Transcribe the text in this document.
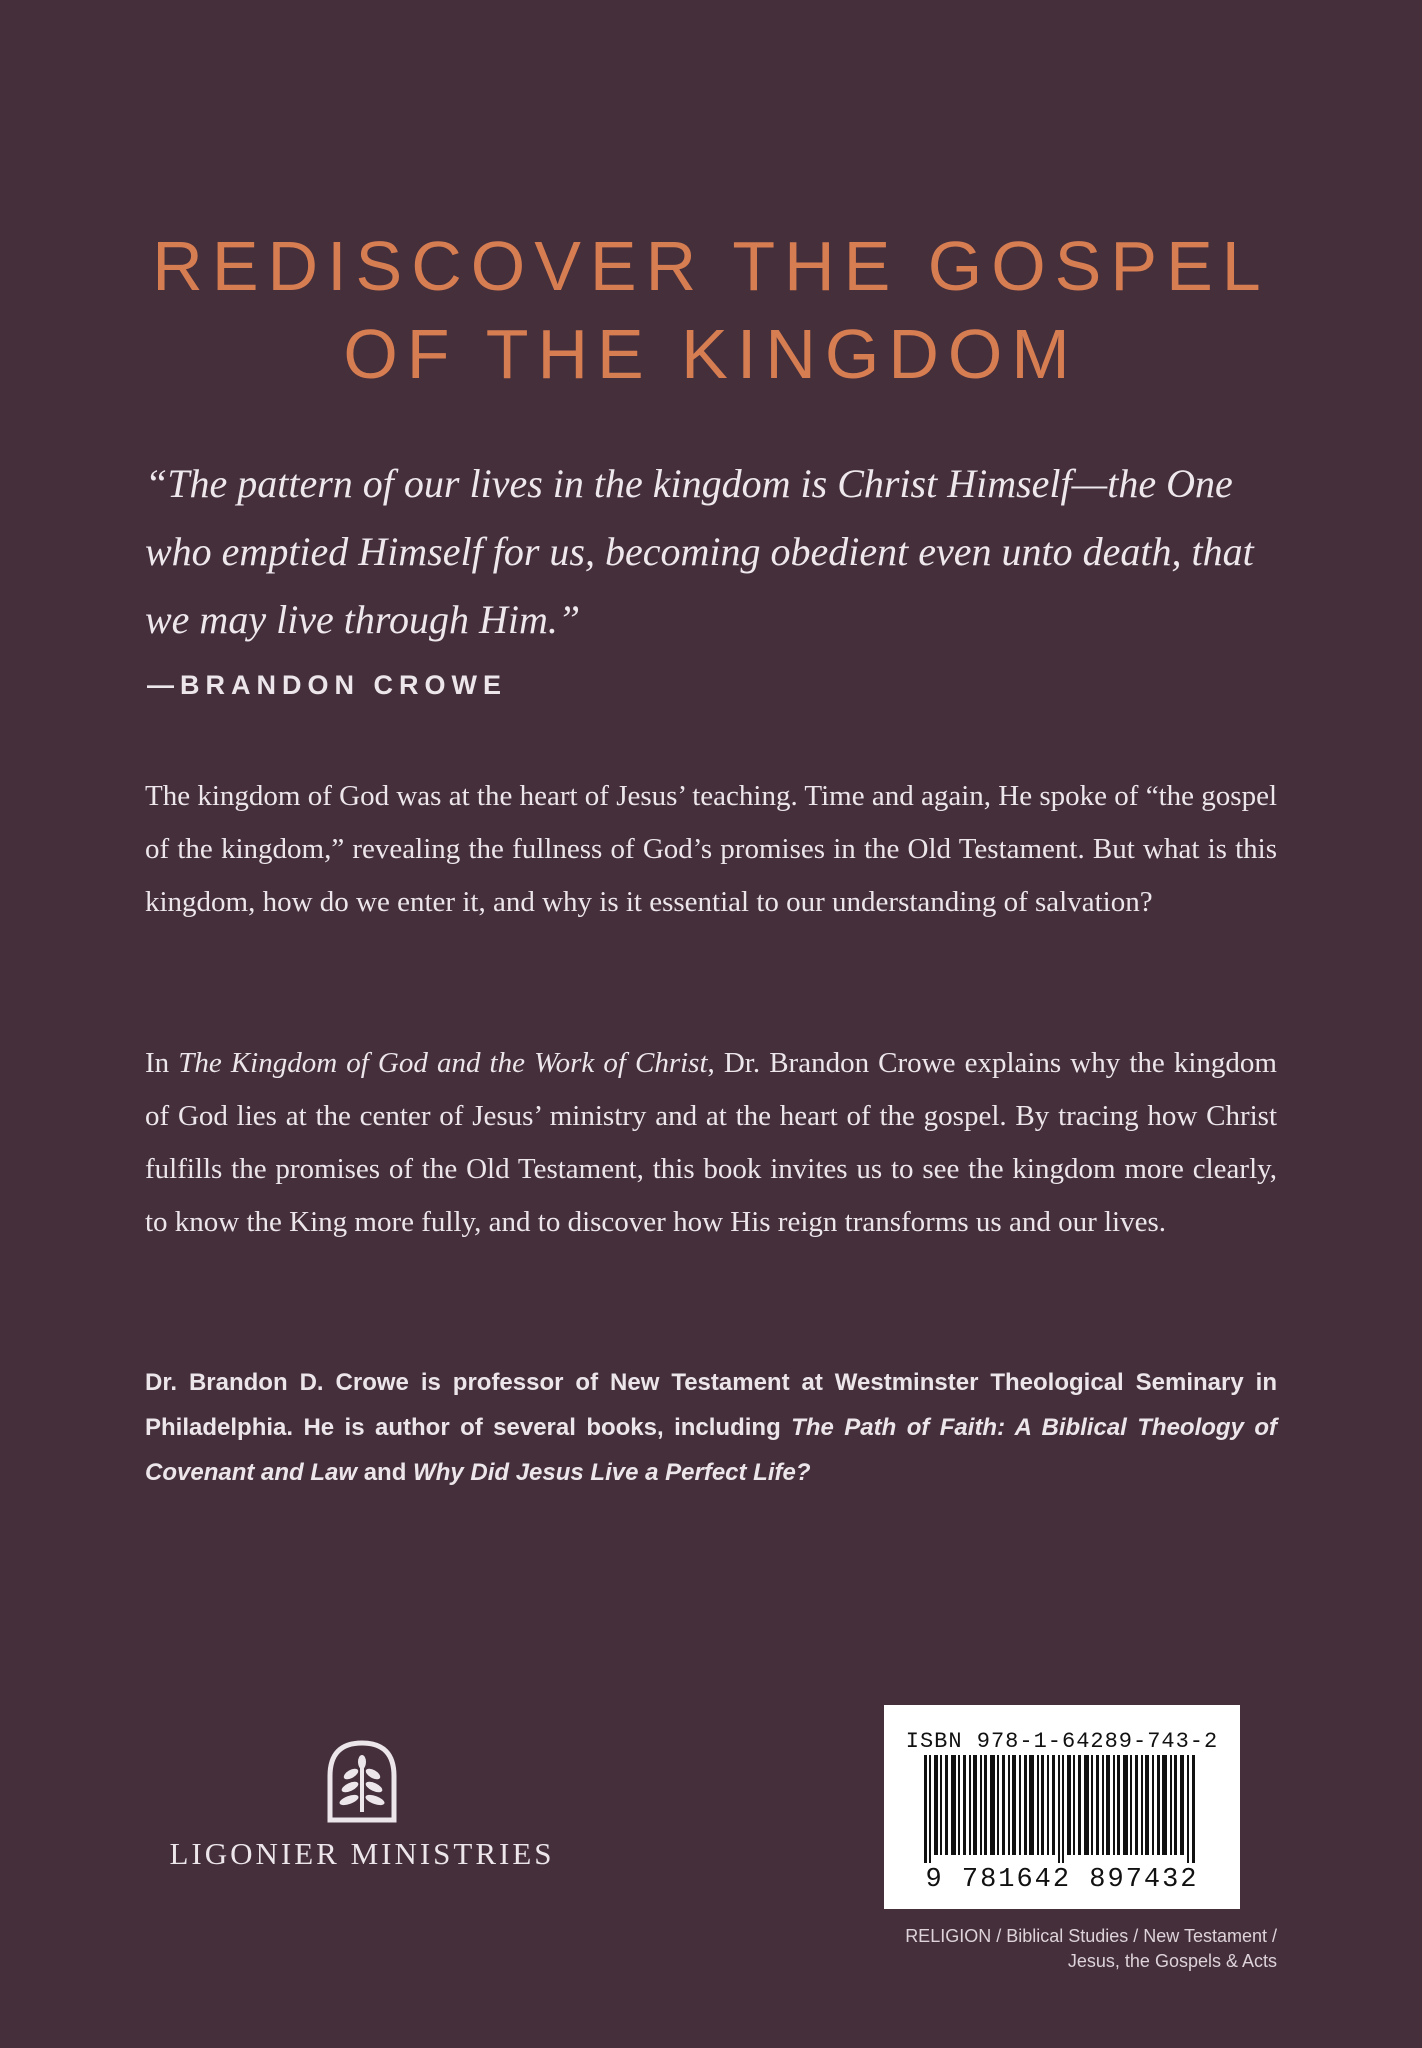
REDISCOVER THE GOSPEL
OF THE KINGDOM
“The pattern of our lives in the kingdom is Christ Himself—the One who emptied Himself for us, becoming obedient even unto death, that we may live through Him.”
—BRANDON CROWE
The kingdom of God was at the heart of Jesus’ teaching. Time and again, He spoke of “the gospel of the kingdom,” revealing the fullness of God’s promises in the Old Testament. But what is this kingdom, how do we enter it, and why is it essential to our understanding of salvation?
In The Kingdom of God and the Work of Christ, Dr. Brandon Crowe explains why the kingdom of God lies at the center of Jesus’ ministry and at the heart of the gospel. By tracing how Christ fulfills the promises of the Old Testament, this book invites us to see the kingdom more clearly, to know the King more fully, and to discover how His reign transforms us and our lives.
Dr. Brandon D. Crowe is professor of New Testament at Westminster Theological Seminary in Philadelphia. He is author of several books, including The Path of Faith: A Biblical Theology of Covenant and Law and Why Did Jesus Live a Perfect Life?
LIGONIER MINISTRIES
ISBN 978-1-64289-743-2
9 781642 897432
RELIGION / Biblical Studies / New Testament /
Jesus, the Gospels & Acts
